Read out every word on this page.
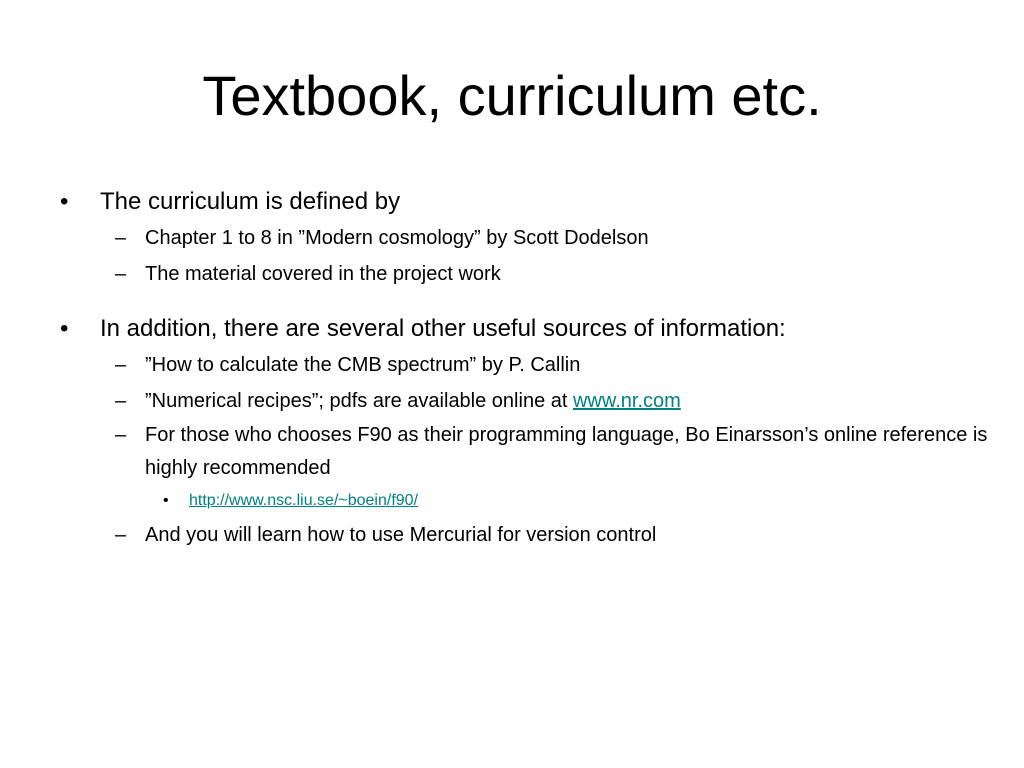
Textbook, curriculum etc.
•	The curriculum is defined by
– Chapter 1 to 8 in ”Modern cosmology” by Scott Dodelson
– The material covered in the project work
•	In addition, there are several other useful sources of information:
– ”How to calculate the CMB spectrum” by P. Callin
– ”Numerical recipes”; pdfs are available online at www.nr.com
– For those who chooses F90 as their programming language, Bo Einarsson’s online reference is highly recommended
• http://www.nsc.liu.se/~boein/f90/
– And you will learn how to use Mercurial for version control
